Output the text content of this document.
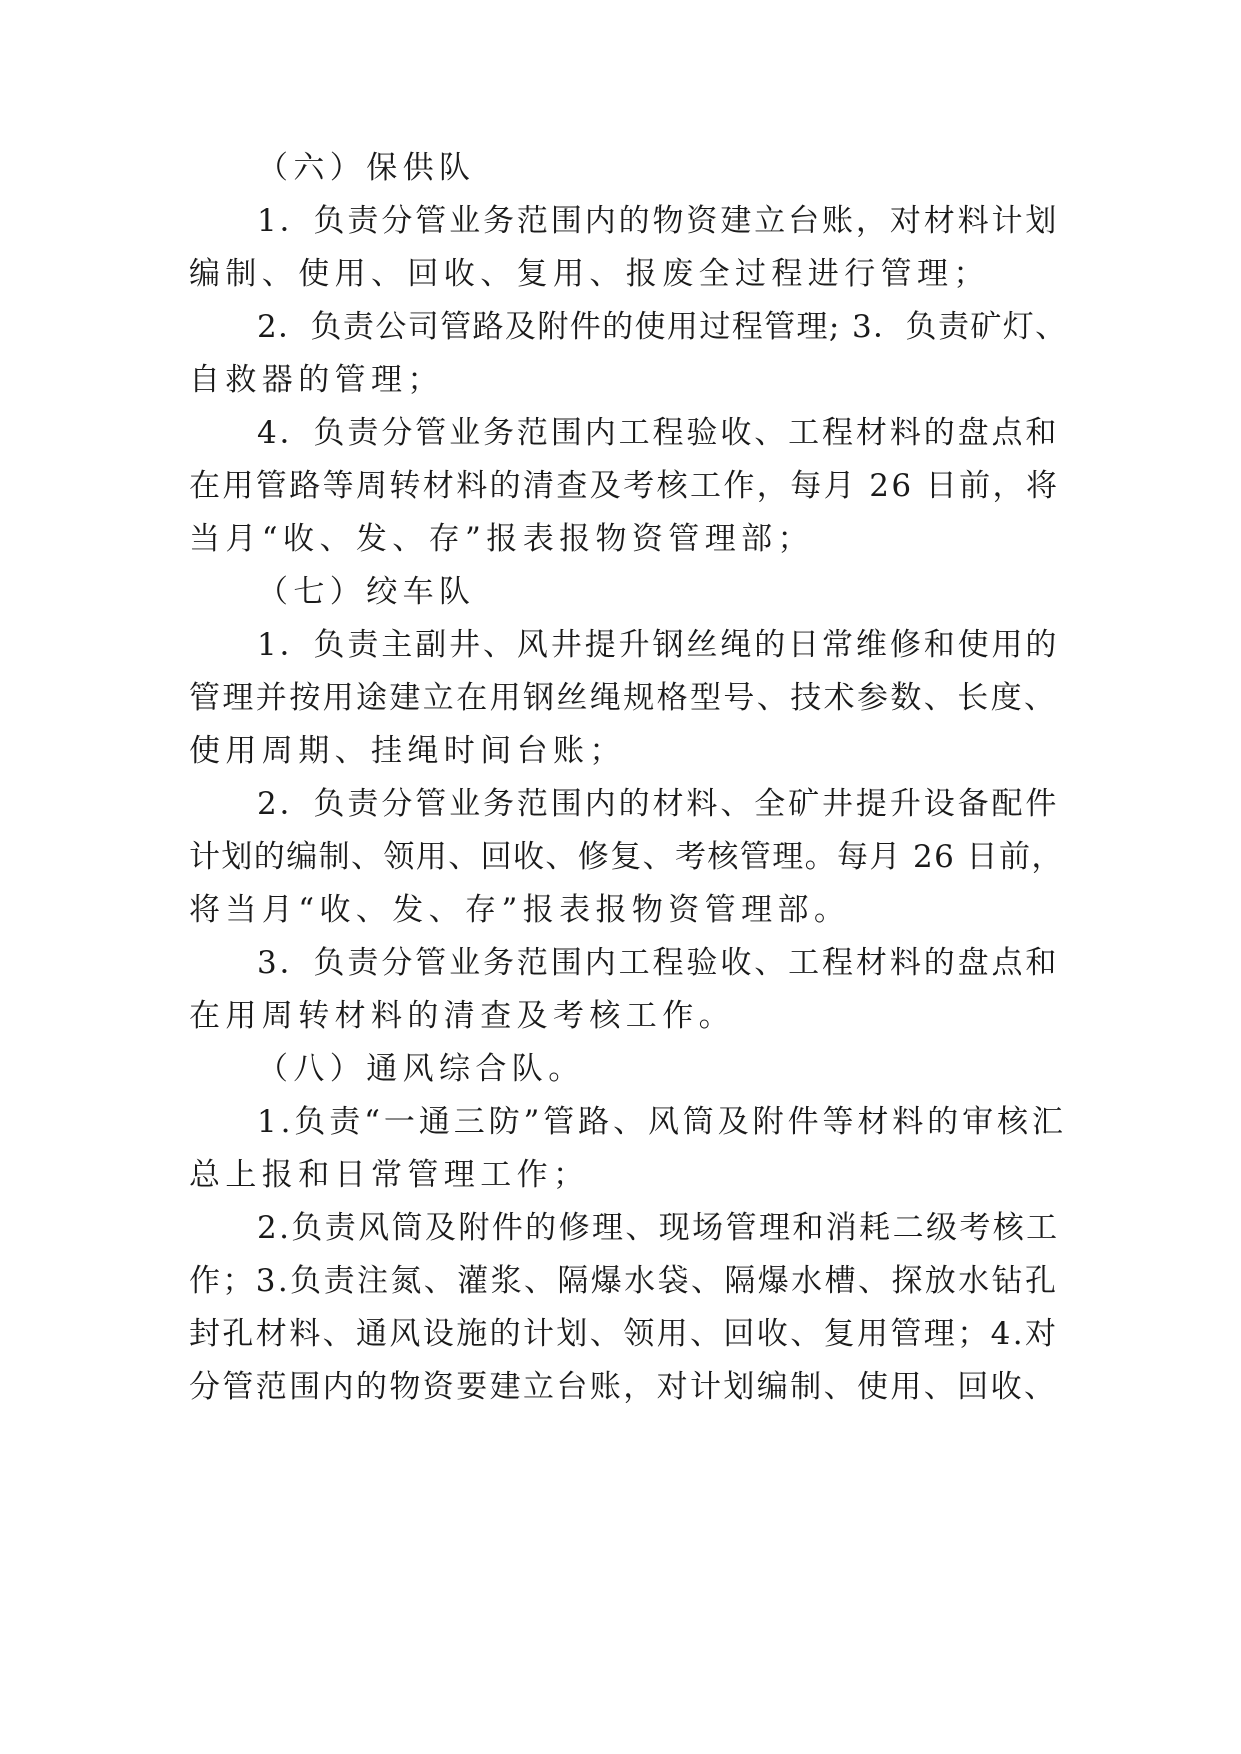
（六）保供队
1．负责分管业务范围内的物资建立台账，对材料计划
编制、使用、回收、复用、报废全过程进行管理；
2．负责公司管路及附件的使用过程管理; 3．负责矿灯、
自救器的管理；
4．负责分管业务范围内工程验收、工程材料的盘点和
在用管路等周转材料的清查及考核工作，每月 26 日前，将
当月“收、发、存”报表报物资管理部；
（七）绞车队
1．负责主副井、风井提升钢丝绳的日常维修和使用的
管理并按用途建立在用钢丝绳规格型号、技术参数、长度、
使用周期、挂绳时间台账；
2．负责分管业务范围内的材料、全矿井提升设备配件
计划的编制、领用、回收、修复、考核管理。每月 26 日前，
将当月“收、发、存”报表报物资管理部。
3．负责分管业务范围内工程验收、工程材料的盘点和
在用周转材料的清查及考核工作。
（八）通风综合队。
1.负责“一通三防”管路、风筒及附件等材料的审核汇
总上报和日常管理工作；
2.负责风筒及附件的修理、现场管理和消耗二级考核工
作；3.负责注氮、灌浆、隔爆水袋、隔爆水槽、探放水钻孔
封孔材料、通风设施的计划、领用、回收、复用管理；4.对
分管范围内的物资要建立台账，对计划编制、使用、回收、
